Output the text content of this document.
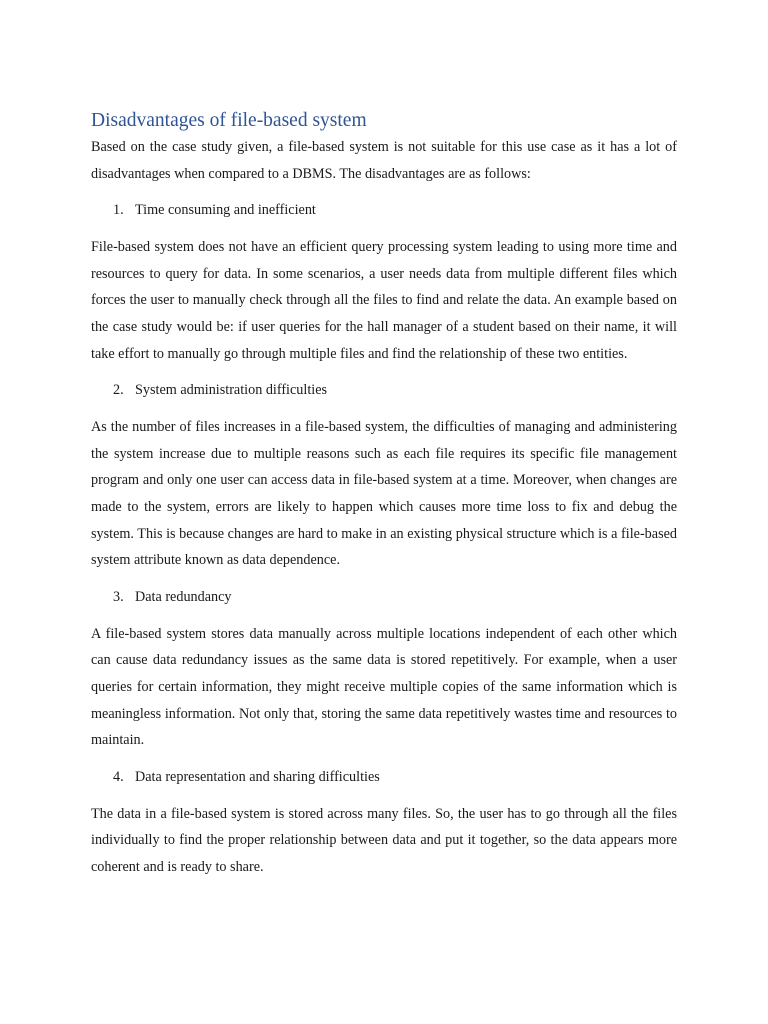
Disadvantages of file-based system

Based on the case study given, a file-based system is not suitable for this use case as it has a lot of disadvantages when compared to a DBMS. The disadvantages are as follows:

1. Time consuming and inefficient

File-based system does not have an efficient query processing system leading to using more time and resources to query for data. In some scenarios, a user needs data from multiple different files which forces the user to manually check through all the files to find and relate the data. An example based on the case study would be: if user queries for the hall manager of a student based on their name, it will take effort to manually go through multiple files and find the relationship of these two entities.

2. System administration difficulties

As the number of files increases in a file-based system, the difficulties of managing and administering the system increase due to multiple reasons such as each file requires its specific file management program and only one user can access data in file-based system at a time. Moreover, when changes are made to the system, errors are likely to happen which causes more time loss to fix and debug the system. This is because changes are hard to make in an existing physical structure which is a file-based system attribute known as data dependence.

3. Data redundancy

A file-based system stores data manually across multiple locations independent of each other which can cause data redundancy issues as the same data is stored repetitively. For example, when a user queries for certain information, they might receive multiple copies of the same information which is meaningless information. Not only that, storing the same data repetitively wastes time and resources to maintain.

4. Data representation and sharing difficulties

The data in a file-based system is stored across many files. So, the user has to go through all the files individually to find the proper relationship between data and put it together, so the data appears more coherent and is ready to share.
